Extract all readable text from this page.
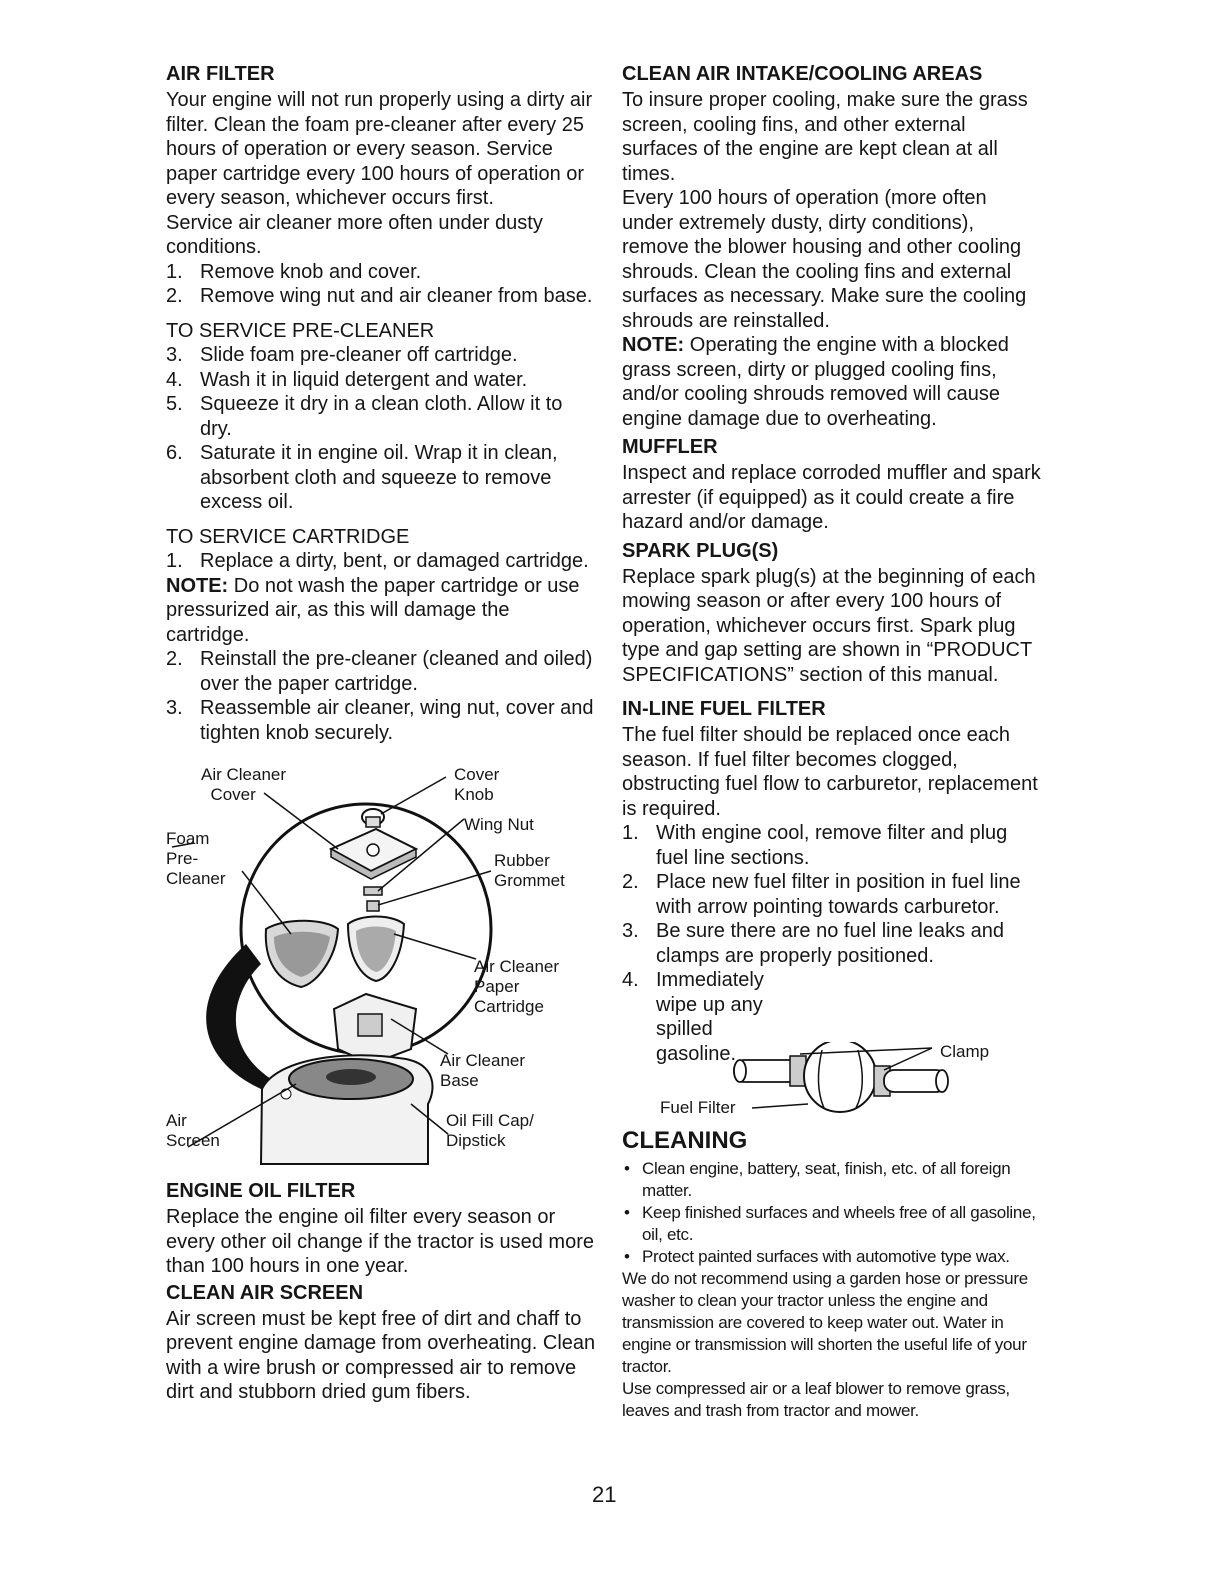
AIR FILTER

Your engine will not run properly using a dirty air filter. Clean the foam pre-cleaner after every 25 hours of operation or every season. Service paper cartridge every 100 hours of operation or every season, whichever occurs first.

Service air cleaner more often under dusty conditions.

1. Remove knob and cover.
2. Remove wing nut and air cleaner from base.
TO SERVICE PRE-CLEANER
3. Slide foam pre-cleaner off cartridge.
4. Wash it in liquid detergent and water.
5. Squeeze it dry in a clean cloth. Allow it to dry.
6. Saturate it in engine oil. Wrap it in clean, absorbent cloth and squeeze to remove excess oil.
TO SERVICE CARTRIDGE
1. Replace a dirty, bent, or damaged cartridge.

NOTE: Do not wash the paper cartridge or use pressurized air, as this will damage the cartridge.

2. Reinstall the pre-cleaner (cleaned and oiled) over the paper cartridge.
3. Reassemble air cleaner, wing nut, cover and tighten knob securely.
Air Cleaner
Cover
Cover
Knob
Wing Nut
Foam
Pre-
Cleaner
Rubber
Grommet
Air Cleaner
Paper
Cartridge
Air Cleaner
Base
Air
Screen
Oil Fill Cap/
Dipstick
ENGINE OIL FILTER

Replace the engine oil filter every season or every other oil change if the tractor is used more than 100 hours in one year.

CLEAN AIR SCREEN

Air screen must be kept free of dirt and chaff to prevent engine damage from overheating. Clean with a wire brush or compressed air to remove dirt and stubborn dried gum fibers.

CLEAN AIR INTAKE/COOLING AREAS

To insure proper cooling, make sure the grass screen, cooling fins, and other external surfaces of the engine are kept clean at all times.

Every 100 hours of operation (more often under extremely dusty, dirty conditions), remove the blower housing and other cooling shrouds. Clean the cooling fins and external surfaces as necessary. Make sure the cooling shrouds are reinstalled.

NOTE: Operating the engine with a blocked grass screen, dirty or plugged cooling fins, and/or cooling shrouds removed will cause engine damage due to overheating.

MUFFLER

Inspect and replace corroded muffler and spark arrester (if equipped) as it could create a fire hazard and/or damage.

SPARK PLUG(S)

Replace spark plug(s) at the beginning of each mowing season or after every 100 hours of operation, whichever occurs first. Spark plug type and gap setting are shown in “PRODUCT SPECIFICATIONS” section of this manual.

IN-LINE FUEL FILTER

The fuel filter should be replaced once each season. If fuel filter becomes clogged, obstructing fuel flow to carburetor, replacement is required.

1. With engine cool, remove filter and plug fuel line sections.
2. Place new fuel filter in position in fuel line with arrow pointing towards carburetor.
3. Be sure there are no fuel line leaks and clamps are properly positioned.
4. Immediately wipe up any spilled gasoline.	Clamp
Fuel Filter
CLEANING
• Clean engine, battery, seat, finish, etc. of all foreign matter.
• Keep finished surfaces and wheels free of all gasoline, oil, etc.
• Protect painted surfaces with automotive type wax.

We do not recommend using a garden hose or pressure washer to clean your tractor unless the engine and transmission are covered to keep water out. Water in engine or transmission will shorten the useful life of your tractor.

Use compressed air or a leaf blower to remove grass, leaves and trash from tractor and mower.

21
